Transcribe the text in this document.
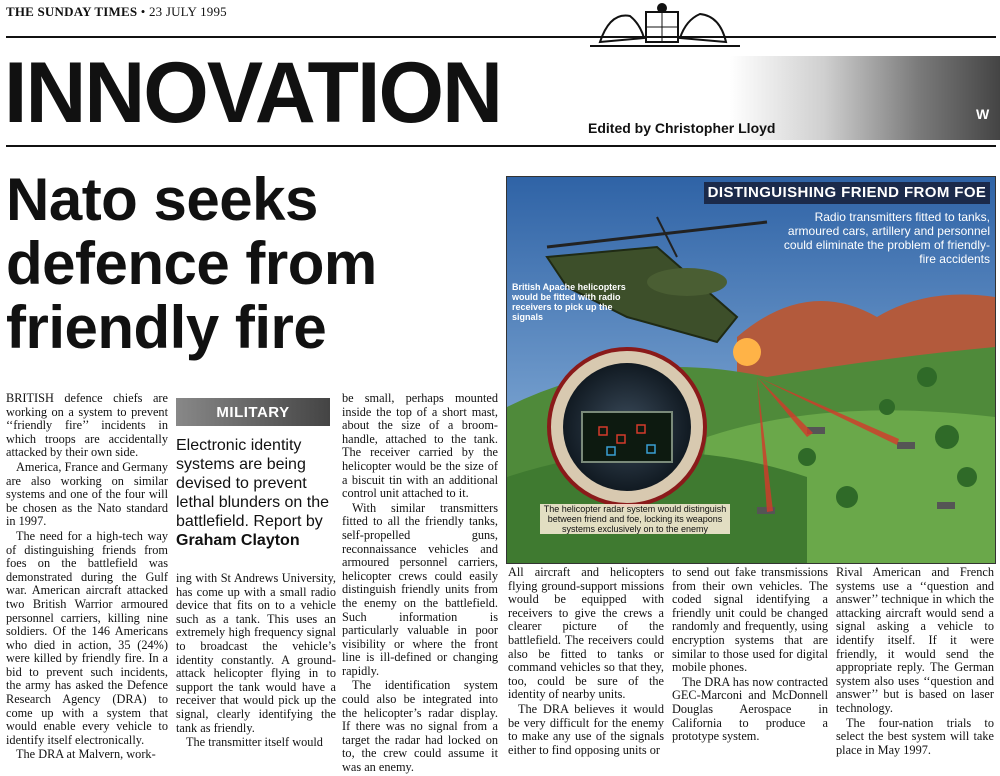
THE SUNDAY TIMES • 23 JULY 1995
W
INNOVATION	Edited by Christopher Lloyd
Nato seeks defence from friendly fire

BRITISH defence chiefs are working on a system to prevent ‘‘friendly fire’’ incidents in which troops are accidentally attacked by their own side.

America, France and Germany are also working on similar systems and one of the four will be chosen as the Nato standard in 1997.

The need for a high-tech way of distinguishing friends from foes on the battlefield was demonstrated during the Gulf war. American aircraft attacked two British Warrior armoured personnel carriers, killing nine soldiers. Of the 146 Americans who died in action, 35 (24%) were killed by friendly fire. In a bid to prevent such incidents, the army has asked the Defence Research Agency (DRA) to come up with a system that would enable every vehicle to identify itself electronically.

The DRA at Malvern, work-

MILITARY
Electronic identity systems are being devised to prevent lethal blunders on the battlefield. Report by Graham Clayton

ing with St Andrews University, has come up with a small radio device that fits on to a vehicle such as a tank. This uses an extremely high frequency signal to broadcast the vehicle’s identity constantly. A ground-attack helicopter flying in to support the tank would have a receiver that would pick up the signal, clearly identifying the tank as friendly.

The transmitter itself would

be small, perhaps mounted inside the top of a short mast, about the size of a broom-handle, attached to the tank. The receiver carried by the helicopter would be the size of a biscuit tin with an additional control unit attached to it.

With similar transmitters fitted to all the friendly tanks, self-propelled guns, reconnaissance vehicles and armoured personnel carriers, helicopter crews could easily distinguish friendly units from the enemy on the battlefield. Such information is particularly valuable in poor visibility or where the front line is ill-defined or changing rapidly.

The identification system could also be integrated into the helicopter’s radar display. If there was no signal from a target the radar had locked on to, the crew could assume it was an enemy.

DISTINGUISHING FRIEND FROM FOE
Radio transmitters fitted to tanks, armoured cars, artillery and personnel could eliminate the problem of friendly-fire accidents
British Apache helicopters would be fitted with radio receivers to pick up the signals
The helicopter radar system would distinguish between friend and foe, locking its weapons systems exclusively on to the enemy

All aircraft and helicopters flying ground-support missions would be equipped with receivers to give the crews a clearer picture of the battlefield. The receivers could also be fitted to tanks or command vehicles so that they, too, could be sure of the identity of nearby units.

The DRA believes it would be very difficult for the enemy to make any use of the signals either to find opposing units or

to send out fake transmissions from their own vehicles. The coded signal identifying a friendly unit could be changed randomly and frequently, using encryption systems that are similar to those used for digital mobile phones.

The DRA has now contracted GEC-Marconi and McDonnell Douglas Aerospace in California to produce a prototype system.

Rival American and French systems use a ‘‘question and answer’’ technique in which the attacking aircraft would send a signal asking a vehicle to identify itself. If it were friendly, it would send the appropriate reply. The German system also uses ‘‘question and answer’’ but is based on laser technology.

The four-nation trials to select the best system will take place in May 1997.
